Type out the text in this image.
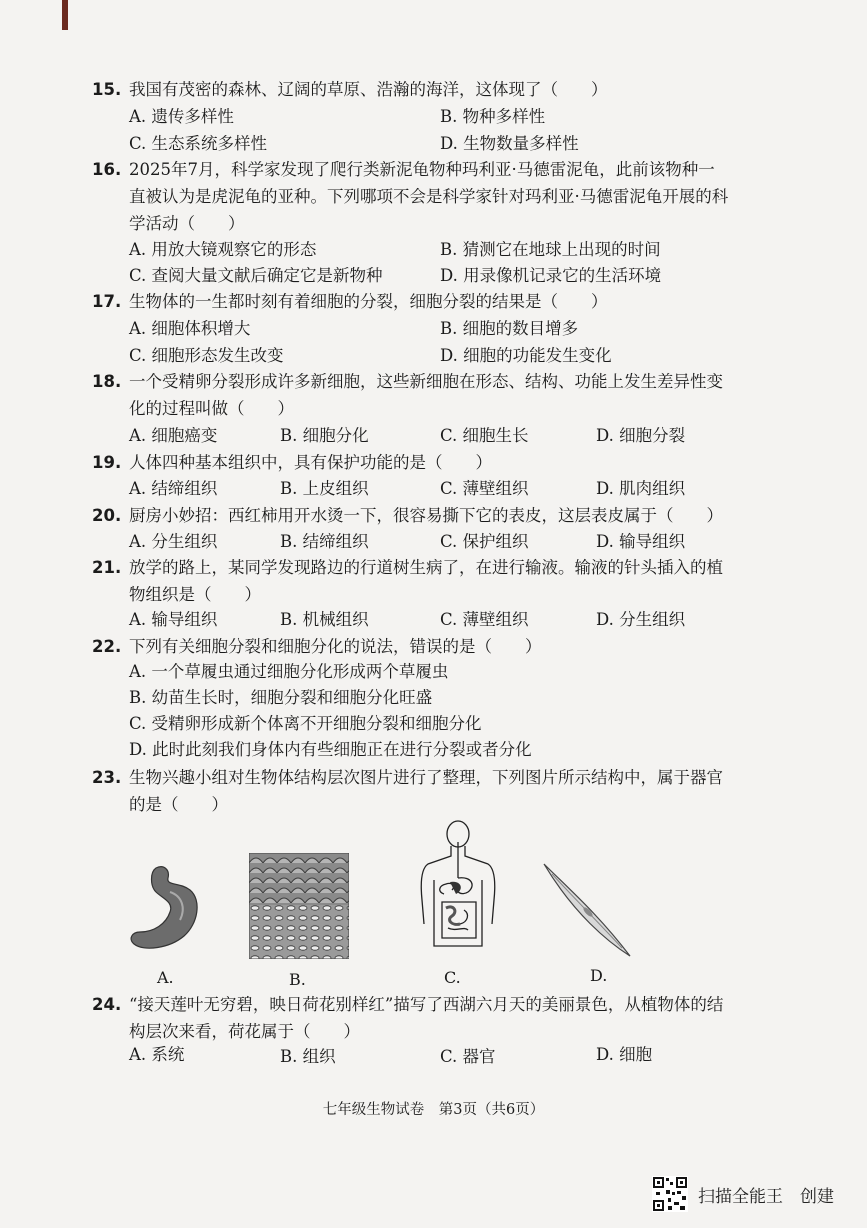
15. 我国有茂密的森林、辽阔的草原、浩瀚的海洋，这体现了（　　）
A. 遗传多样性	B. 物种多样性
C. 生态系统多样性	D. 生物数量多样性
16. 2025年7月，科学家发现了爬行类新泥龟物种玛利亚·马德雷泥龟，此前该物种一直被认为是虎泥龟的亚种。下列哪项不会是科学家针对玛利亚·马德雷泥龟开展的科学活动（　　）
A. 用放大镜观察它的形态	B. 猜测它在地球上出现的时间
C. 查阅大量文献后确定它是新物种	D. 用录像机记录它的生活环境
17. 生物体的一生都时刻有着细胞的分裂，细胞分裂的结果是（　　）
A. 细胞体积增大	B. 细胞的数目增多
C. 细胞形态发生改变	D. 细胞的功能发生变化
18. 一个受精卵分裂形成许多新细胞，这些新细胞在形态、结构、功能上发生差异性变化的过程叫做（　　）
A. 细胞癌变	B. 细胞分化	C. 细胞生长	D. 细胞分裂
19. 人体四种基本组织中，具有保护功能的是（　　）
A. 结缔组织	B. 上皮组织	C. 薄壁组织	D. 肌肉组织
20. 厨房小妙招：西红柿用开水烫一下，很容易撕下它的表皮，这层表皮属于（　　）
A. 分生组织	B. 结缔组织	C. 保护组织	D. 输导组织
21. 放学的路上，某同学发现路边的行道树生病了，在进行输液。输液的针头插入的植物组织是（　　）
A. 输导组织	B. 机械组织	C. 薄壁组织	D. 分生组织
22. 下列有关细胞分裂和细胞分化的说法，错误的是（　　）
A. 一个草履虫通过细胞分化形成两个草履虫
B. 幼苗生长时，细胞分裂和细胞分化旺盛
C. 受精卵形成新个体离不开细胞分裂和细胞分化
D. 此时此刻我们身体内有些细胞正在进行分裂或者分化
23. 生物兴趣小组对生物体结构层次图片进行了整理，下列图片所示结构中，属于器官的是（　　）
A.	B.	C.	D.
24. “接天莲叶无穷碧，映日荷花别样红”描写了西湖六月天的美丽景色，从植物体的结构层次来看，荷花属于（　　）
A. 系统	B. 组织	C. 器官	D. 细胞
七年级生物试卷　第3页（共6页）
扫描全能王　创建
